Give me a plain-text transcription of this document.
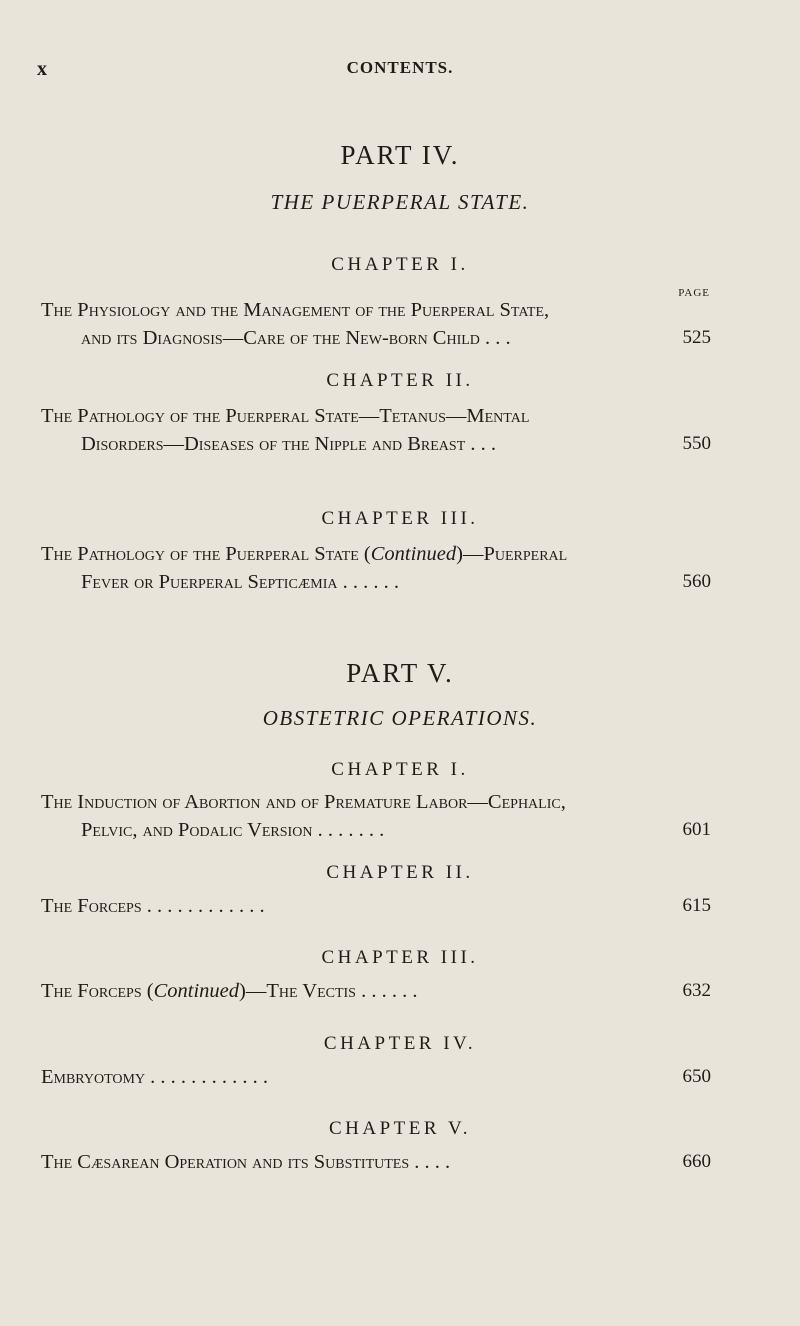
x	CONTENTS.
PART IV.
THE PUERPERAL STATE.
CHAPTER I.
PAGE
The Physiology and the Management of the Puerperal State,
and its Diagnosis—Care of the New-born Child . . .	525
CHAPTER II.
The Pathology of the Puerperal State—Tetanus—Mental
Disorders—Diseases of the Nipple and Breast . . .	550
CHAPTER III.
The Pathology of the Puerperal State (Continued)—Puerperal
Fever or Puerperal Septicæmia . . . . . .	560
PART V.
OBSTETRIC OPERATIONS.
CHAPTER I.
The Induction of Abortion and of Premature Labor—Cephalic,
Pelvic, and Podalic Version . . . . . . .	601
CHAPTER II.
The Forceps . . . . . . . . . . . .	615
CHAPTER III.
The Forceps (Continued)—The Vectis . . . . . .	632
CHAPTER IV.
Embryotomy . . . . . . . . . . . .	650
CHAPTER V.
The Cæsarean Operation and its Substitutes . . . .	660
